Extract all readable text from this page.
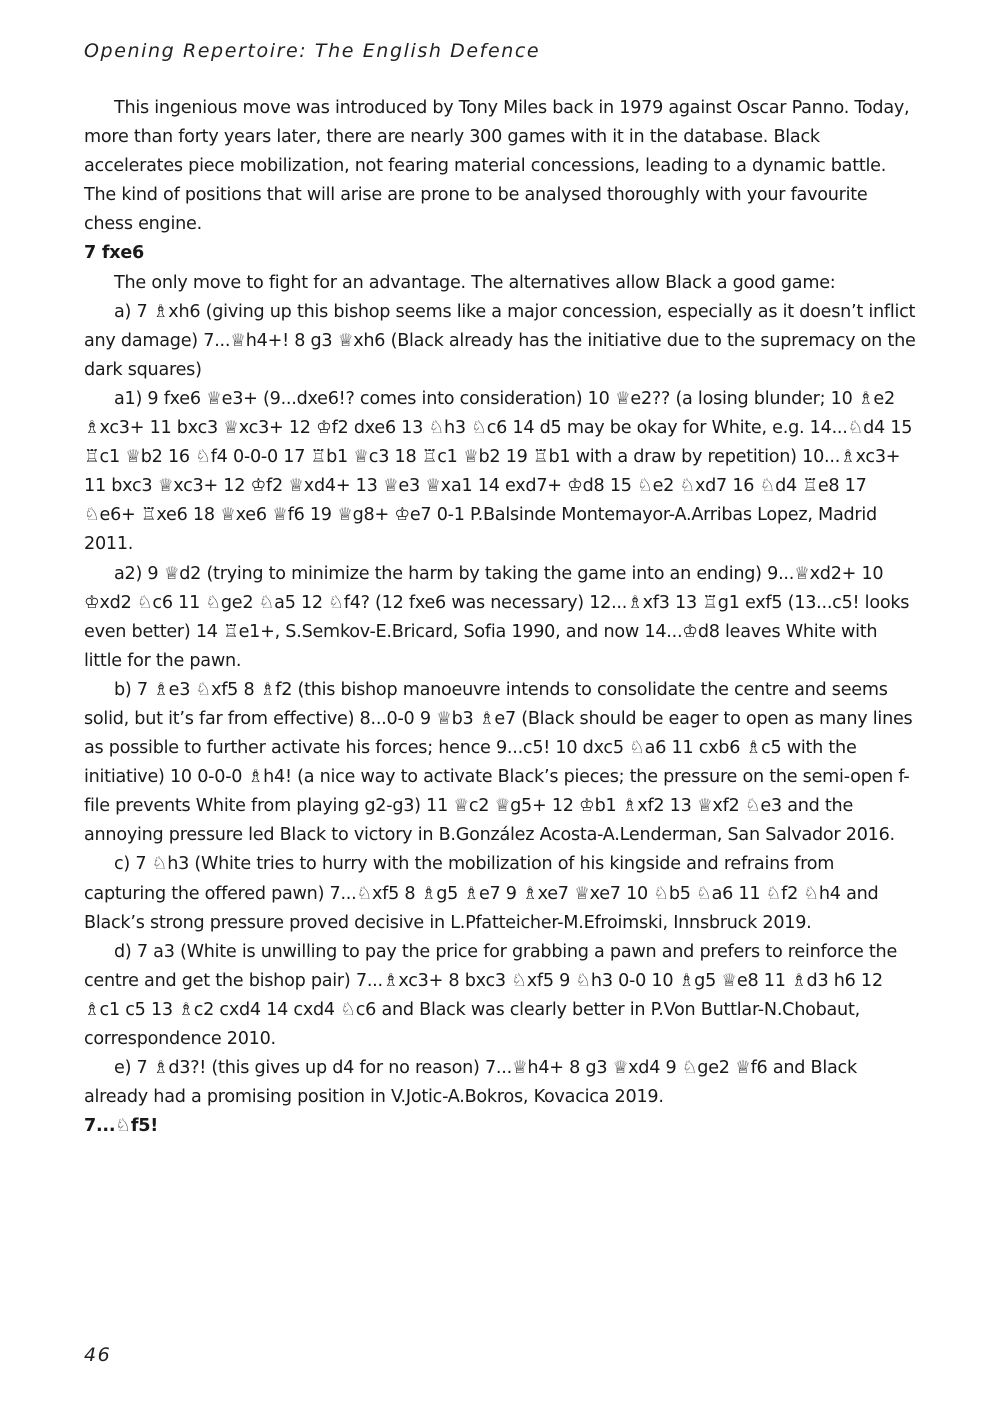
Opening Repertoire: The English Defence

This ingenious move was introduced by Tony Miles back in 1979 against Oscar Panno. Today, more than forty years later, there are nearly 300 games with it in the database. Black accelerates piece mobilization, not fearing material concessions, leading to a dynamic battle. The kind of positions that will arise are prone to be analysed thoroughly with your favourite chess engine.

7 fxe6

The only move to fight for an advantage. The alternatives allow Black a good game:

a) 7 ♗xh6 (giving up this bishop seems like a major concession, especially as it doesn’t inflict any damage) 7...♕h4+! 8 g3 ♕xh6 (Black already has the initiative due to the supremacy on the dark squares)

a1) 9 fxe6 ♕e3+ (9...dxe6!? comes into consideration) 10 ♕e2?? (a losing blunder; 10 ♗e2 ♗xc3+ 11 bxc3 ♕xc3+ 12 ♔f2 dxe6 13 ♘h3 ♘c6 14 d5 may be okay for White, e.g. 14...♘d4 15 ♖c1 ♕b2 16 ♘f4 0-0-0 17 ♖b1 ♕c3 18 ♖c1 ♕b2 19 ♖b1 with a draw by repetition) 10...♗xc3+ 11 bxc3 ♕xc3+ 12 ♔f2 ♕xd4+ 13 ♕e3 ♕xa1 14 exd7+ ♔d8 15 ♘e2 ♘xd7 16 ♘d4 ♖e8 17 ♘e6+ ♖xe6 18 ♕xe6 ♕f6 19 ♕g8+ ♔e7 0-1 P.Balsinde Montemayor-A.Arribas Lopez, Madrid 2011.

a2) 9 ♕d2 (trying to minimize the harm by taking the game into an ending) 9...♕xd2+ 10 ♔xd2 ♘c6 11 ♘ge2 ♘a5 12 ♘f4? (12 fxe6 was necessary) 12...♗xf3 13 ♖g1 exf5 (13...c5! looks even better) 14 ♖e1+, S.Semkov-E.Bricard, Sofia 1990, and now 14...♔d8 leaves White with little for the pawn.

b) 7 ♗e3 ♘xf5 8 ♗f2 (this bishop manoeuvre intends to consolidate the centre and seems solid, but it’s far from effective) 8...0-0 9 ♕b3 ♗e7 (Black should be eager to open as many lines as possible to further activate his forces; hence 9...c5! 10 dxc5 ♘a6 11 cxb6 ♗c5 with the initiative) 10 0-0-0 ♗h4! (a nice way to activate Black’s pieces; the pressure on the semi-open f-file prevents White from playing g2-g3) 11 ♕c2 ♕g5+ 12 ♔b1 ♗xf2 13 ♕xf2 ♘e3 and the annoying pressure led Black to victory in B.González Acosta-A.Lenderman, San Salvador 2016.

c) 7 ♘h3 (White tries to hurry with the mobilization of his kingside and refrains from capturing the offered pawn) 7...♘xf5 8 ♗g5 ♗e7 9 ♗xe7 ♕xe7 10 ♘b5 ♘a6 11 ♘f2 ♘h4 and Black’s strong pressure proved decisive in L.Pfatteicher-M.Efroimski, Innsbruck 2019.

d) 7 a3 (White is unwilling to pay the price for grabbing a pawn and prefers to reinforce the centre and get the bishop pair) 7...♗xc3+ 8 bxc3 ♘xf5 9 ♘h3 0-0 10 ♗g5 ♕e8 11 ♗d3 h6 12 ♗c1 c5 13 ♗c2 cxd4 14 cxd4 ♘c6 and Black was clearly better in P.Von Buttlar-N.Chobaut, correspondence 2010.

e) 7 ♗d3?! (this gives up d4 for no reason) 7...♕h4+ 8 g3 ♕xd4 9 ♘ge2 ♕f6 and Black already had a promising position in V.Jotic-A.Bokros, Kovacica 2019.

7...♘f5!
46
